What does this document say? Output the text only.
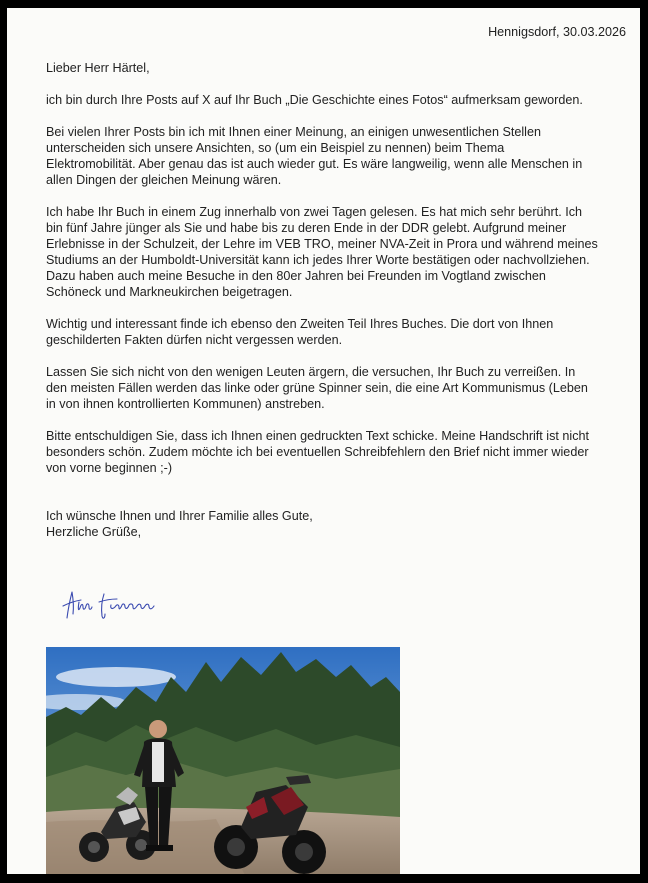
Hennigsdorf, 30.03.2026

Lieber Herr Härtel,

ich bin durch Ihre Posts auf X auf Ihr Buch „Die Geschichte eines Fotos“ aufmerksam geworden.

Bei vielen Ihrer Posts bin ich mit Ihnen einer Meinung, an einigen unwesentlichen Stellen
unterscheiden sich unsere Ansichten, so (um ein Beispiel zu nennen) beim Thema
Elektromobilität. Aber genau das ist auch wieder gut. Es wäre langweilig, wenn alle Menschen in
allen Dingen der gleichen Meinung wären.

Ich habe Ihr Buch in einem Zug innerhalb von zwei Tagen gelesen. Es hat mich sehr berührt. Ich
bin fünf Jahre jünger als Sie und habe bis zu deren Ende in der DDR gelebt. Aufgrund meiner
Erlebnisse in der Schulzeit, der Lehre im VEB TRO, meiner NVA-Zeit in Prora und während meines
Studiums an der Humboldt-Universität kann ich jedes Ihrer Worte bestätigen oder nachvollziehen.
Dazu haben auch meine Besuche in den 80er Jahren bei Freunden im Vogtland zwischen
Schöneck und Markneukirchen beigetragen.

Wichtig und interessant finde ich ebenso den Zweiten Teil Ihres Buches. Die dort von Ihnen
geschilderten Fakten dürfen nicht vergessen werden.

Lassen Sie sich nicht von den wenigen Leuten ärgern, die versuchen, Ihr Buch zu verreißen. In
den meisten Fällen werden das linke oder grüne Spinner sein, die eine Art Kommunismus (Leben
in von ihnen kontrollierten Kommunen) anstreben.

Bitte entschuldigen Sie, dass ich Ihnen einen gedruckten Text schicke. Meine Handschrift ist nicht
besonders schön. Zudem möchte ich bei eventuellen Schreibfehlern den Brief nicht immer wieder
von vorne beginnen ;-)

Ich wünsche Ihnen und Ihrer Familie alles Gute,
Herzliche Grüße,
